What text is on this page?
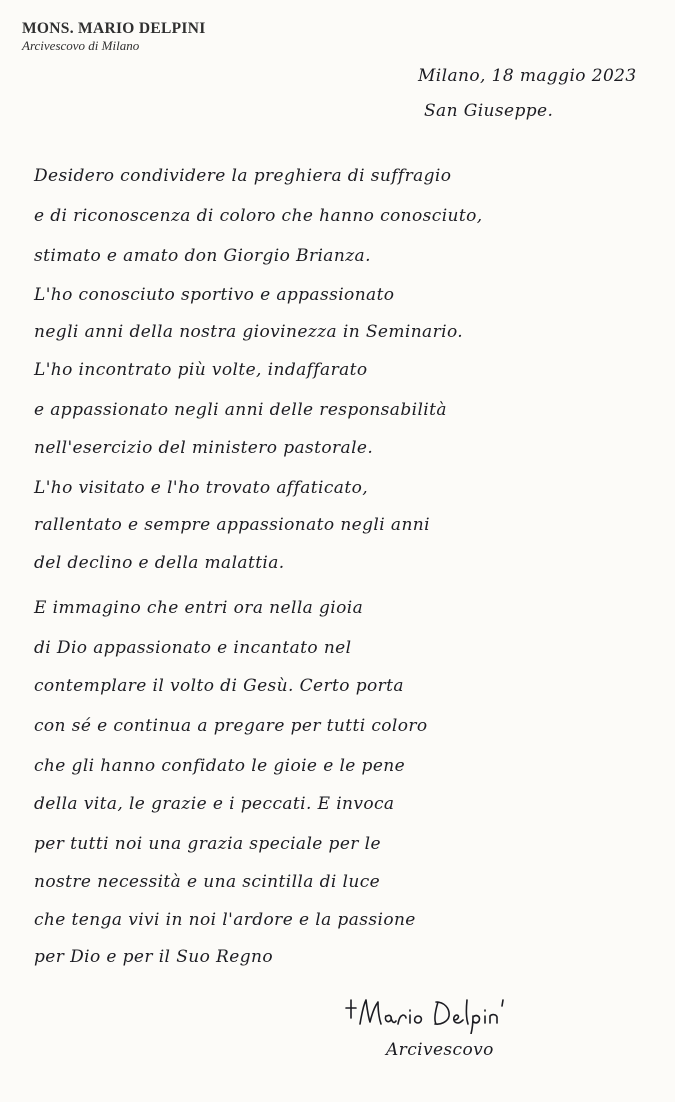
MONS. MARIO DELPINI
Arcivescovo di Milano
Milano, 18 maggio 2023
San Giuseppe.
Desidero condividere la preghiera di suffragio
e di riconoscenza di coloro che hanno conosciuto,
stimato e amato don Giorgio Brianza.
L'ho conosciuto sportivo e appassionato
negli anni della nostra giovinezza in Seminario.
L'ho incontrato più volte, indaffarato
e appassionato negli anni delle responsabilità
nell'esercizio del ministero pastorale.
L'ho visitato e l'ho trovato affaticato,
rallentato e sempre appassionato negli anni
del declino e della malattia.
E immagino che entri ora nella gioia
di Dio appassionato e incantato nel
contemplare il volto di Gesù. Certo porta
con sé e continua a pregare per tutti coloro
che gli hanno confidato le gioie e le pene
della vita, le grazie e i peccati. E invoca
per tutti noi una grazia speciale per le
nostre necessità e una scintilla di luce
che tenga vivi in noi l'ardore e la passione
per Dio e per il Suo Regno
Arcivescovo
